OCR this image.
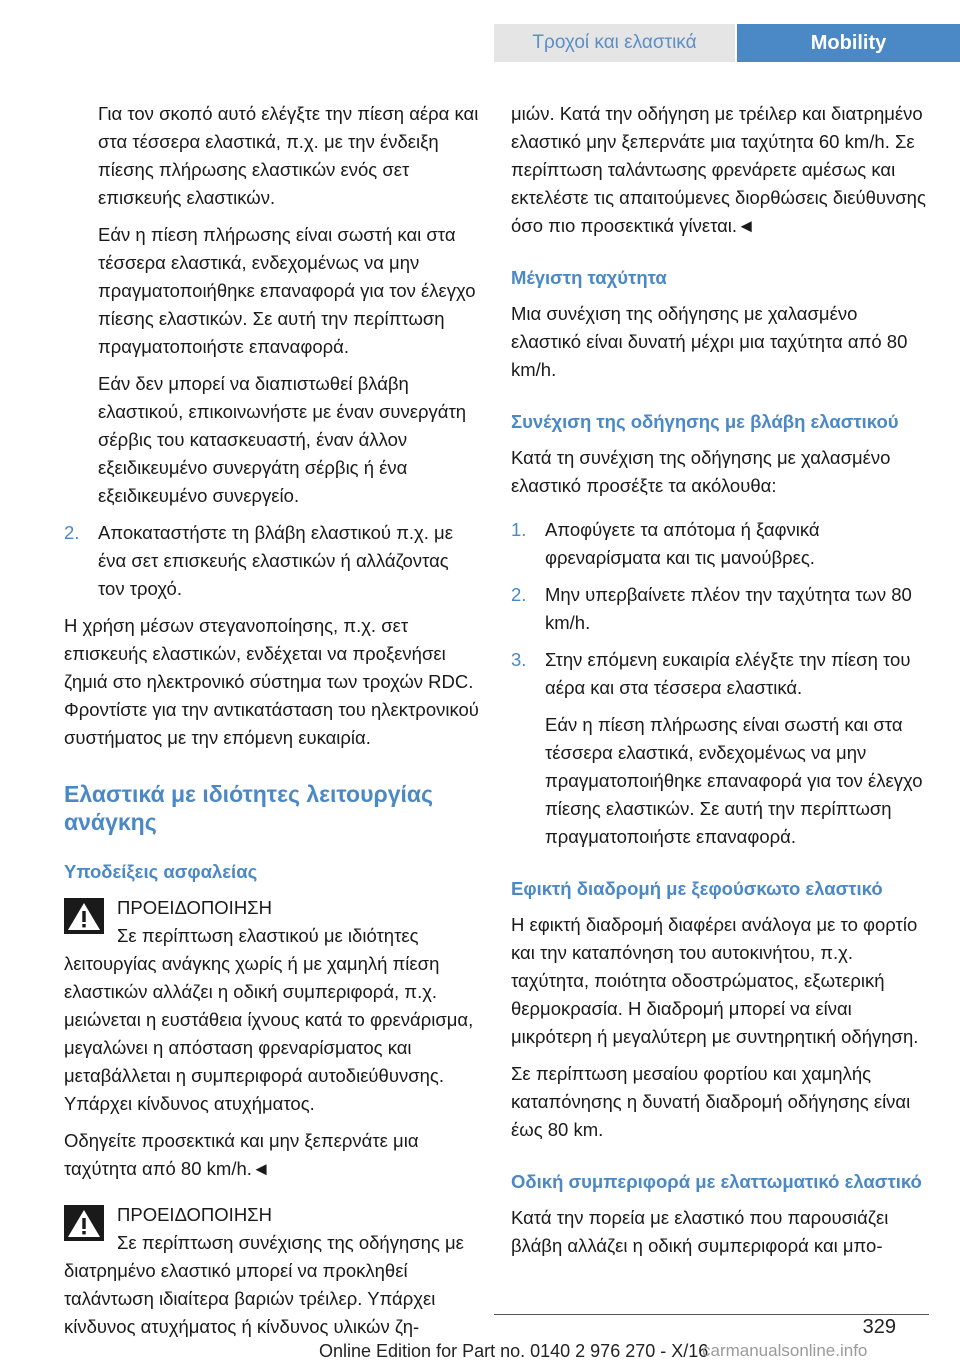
Τροχοί και ελαστικά	Mobility

Για τον σκοπό αυτό ελέγξτε την πίεση αέρα και στα τέσσερα ελαστικά, π.χ. με την ένδειξη πίεσης πλήρωσης ελαστικών ενός σετ επισκευής ελαστικών.

Εάν η πίεση πλήρωσης είναι σωστή και στα τέσσερα ελαστικά, ενδεχομένως να μην πραγματοποιήθηκε επαναφορά για τον έλεγχο πίεσης ελαστικών. Σε αυτή την περίπτωση πραγματοποιήστε επαναφορά.

Εάν δεν μπορεί να διαπιστωθεί βλάβη ελαστικού, επικοινωνήστε με έναν συνεργάτη σέρβις του κατασκευαστή, έναν άλλον εξειδικευμένο συνεργάτη σέρβις ή ένα εξειδικευμένο συνεργείο.

2. Αποκαταστήστε τη βλάβη ελαστικού π.χ. με ένα σετ επισκευής ελαστικών ή αλλάζοντας τον τροχό.

Η χρήση μέσων στεγανοποίησης, π.χ. σετ επισκευής ελαστικών, ενδέχεται να προξενήσει ζημιά στο ηλεκτρονικό σύστημα των τροχών RDC. Φροντίστε για την αντικατάσταση του ηλεκτρονικού συστήματος με την επόμενη ευκαιρία.

Ελαστικά με ιδιότητες λειτουργίας ανάγκης
Υποδείξεις ασφαλείας

ΠΡΟΕΙΔΟΠΟΙΗΣΗ

Σε περίπτωση ελαστικού με ιδιότητες λειτουργίας ανάγκης χωρίς ή με χαμηλή πίεση ελαστικών αλλάζει η οδική συμπεριφορά, π.χ. μειώνεται η ευστάθεια ίχνους κατά το φρενάρισμα, μεγαλώνει η απόσταση φρεναρίσματος και μεταβάλλεται η συμπεριφορά αυτοδιεύθυνσης. Υπάρχει κίνδυνος ατυχήματος.

Οδηγείτε προσεκτικά και μην ξεπερνάτε μια ταχύτητα από 80 km/h.◄

ΠΡΟΕΙΔΟΠΟΙΗΣΗ

Σε περίπτωση συνέχισης της οδήγησης με διατρημένο ελαστικό μπορεί να προκληθεί ταλάντωση ιδιαίτερα βαριών τρέιλερ. Υπάρχει κίνδυνος ατυχήματος ή κίνδυνος υλικών ζη-

μιών. Κατά την οδήγηση με τρέιλερ και διατρημένο ελαστικό μην ξεπερνάτε μια ταχύτητα 60 km/h. Σε περίπτωση ταλάντωσης φρενάρετε αμέσως και εκτελέστε τις απαιτούμενες διορθώσεις διεύθυνσης όσο πιο προσεκτικά γίνεται.◄

Μέγιστη ταχύτητα

Μια συνέχιση της οδήγησης με χαλασμένο ελαστικό είναι δυνατή μέχρι μια ταχύτητα από 80 km/h.

Συνέχιση της οδήγησης με βλάβη ελαστικού

Κατά τη συνέχιση της οδήγησης με χαλασμένο ελαστικό προσέξτε τα ακόλουθα:

1. Αποφύγετε τα απότομα ή ξαφνικά φρεναρίσματα και τις μανούβρες.

2. Μην υπερβαίνετε πλέον την ταχύτητα των 80 km/h.

3. Στην επόμενη ευκαιρία ελέγξτε την πίεση του αέρα και στα τέσσερα ελαστικά.

Εάν η πίεση πλήρωσης είναι σωστή και στα τέσσερα ελαστικά, ενδεχομένως να μην πραγματοποιήθηκε επαναφορά για τον έλεγχο πίεσης ελαστικών. Σε αυτή την περίπτωση πραγματοποιήστε επαναφορά.

Εφικτή διαδρομή με ξεφούσκωτο ελαστικό

Η εφικτή διαδρομή διαφέρει ανάλογα με το φορτίο και την καταπόνηση του αυτοκινήτου, π.χ. ταχύτητα, ποιότητα οδοστρώματος, εξωτερική θερμοκρασία. Η διαδρομή μπορεί να είναι μικρότερη ή μεγαλύτερη με συντηρητική οδήγηση.

Σε περίπτωση μεσαίου φορτίου και χαμηλής καταπόνησης η δυνατή διαδρομή οδήγησης είναι έως 80 km.

Οδική συμπεριφορά με ελαττωματικό ελαστικό

Κατά την πορεία με ελαστικό που παρουσιάζει βλάβη αλλάζει η οδική συμπεριφορά και μπο-

329
Online Edition for Part no. 0140 2 976 270 - X/16
carmanualsonline.info
